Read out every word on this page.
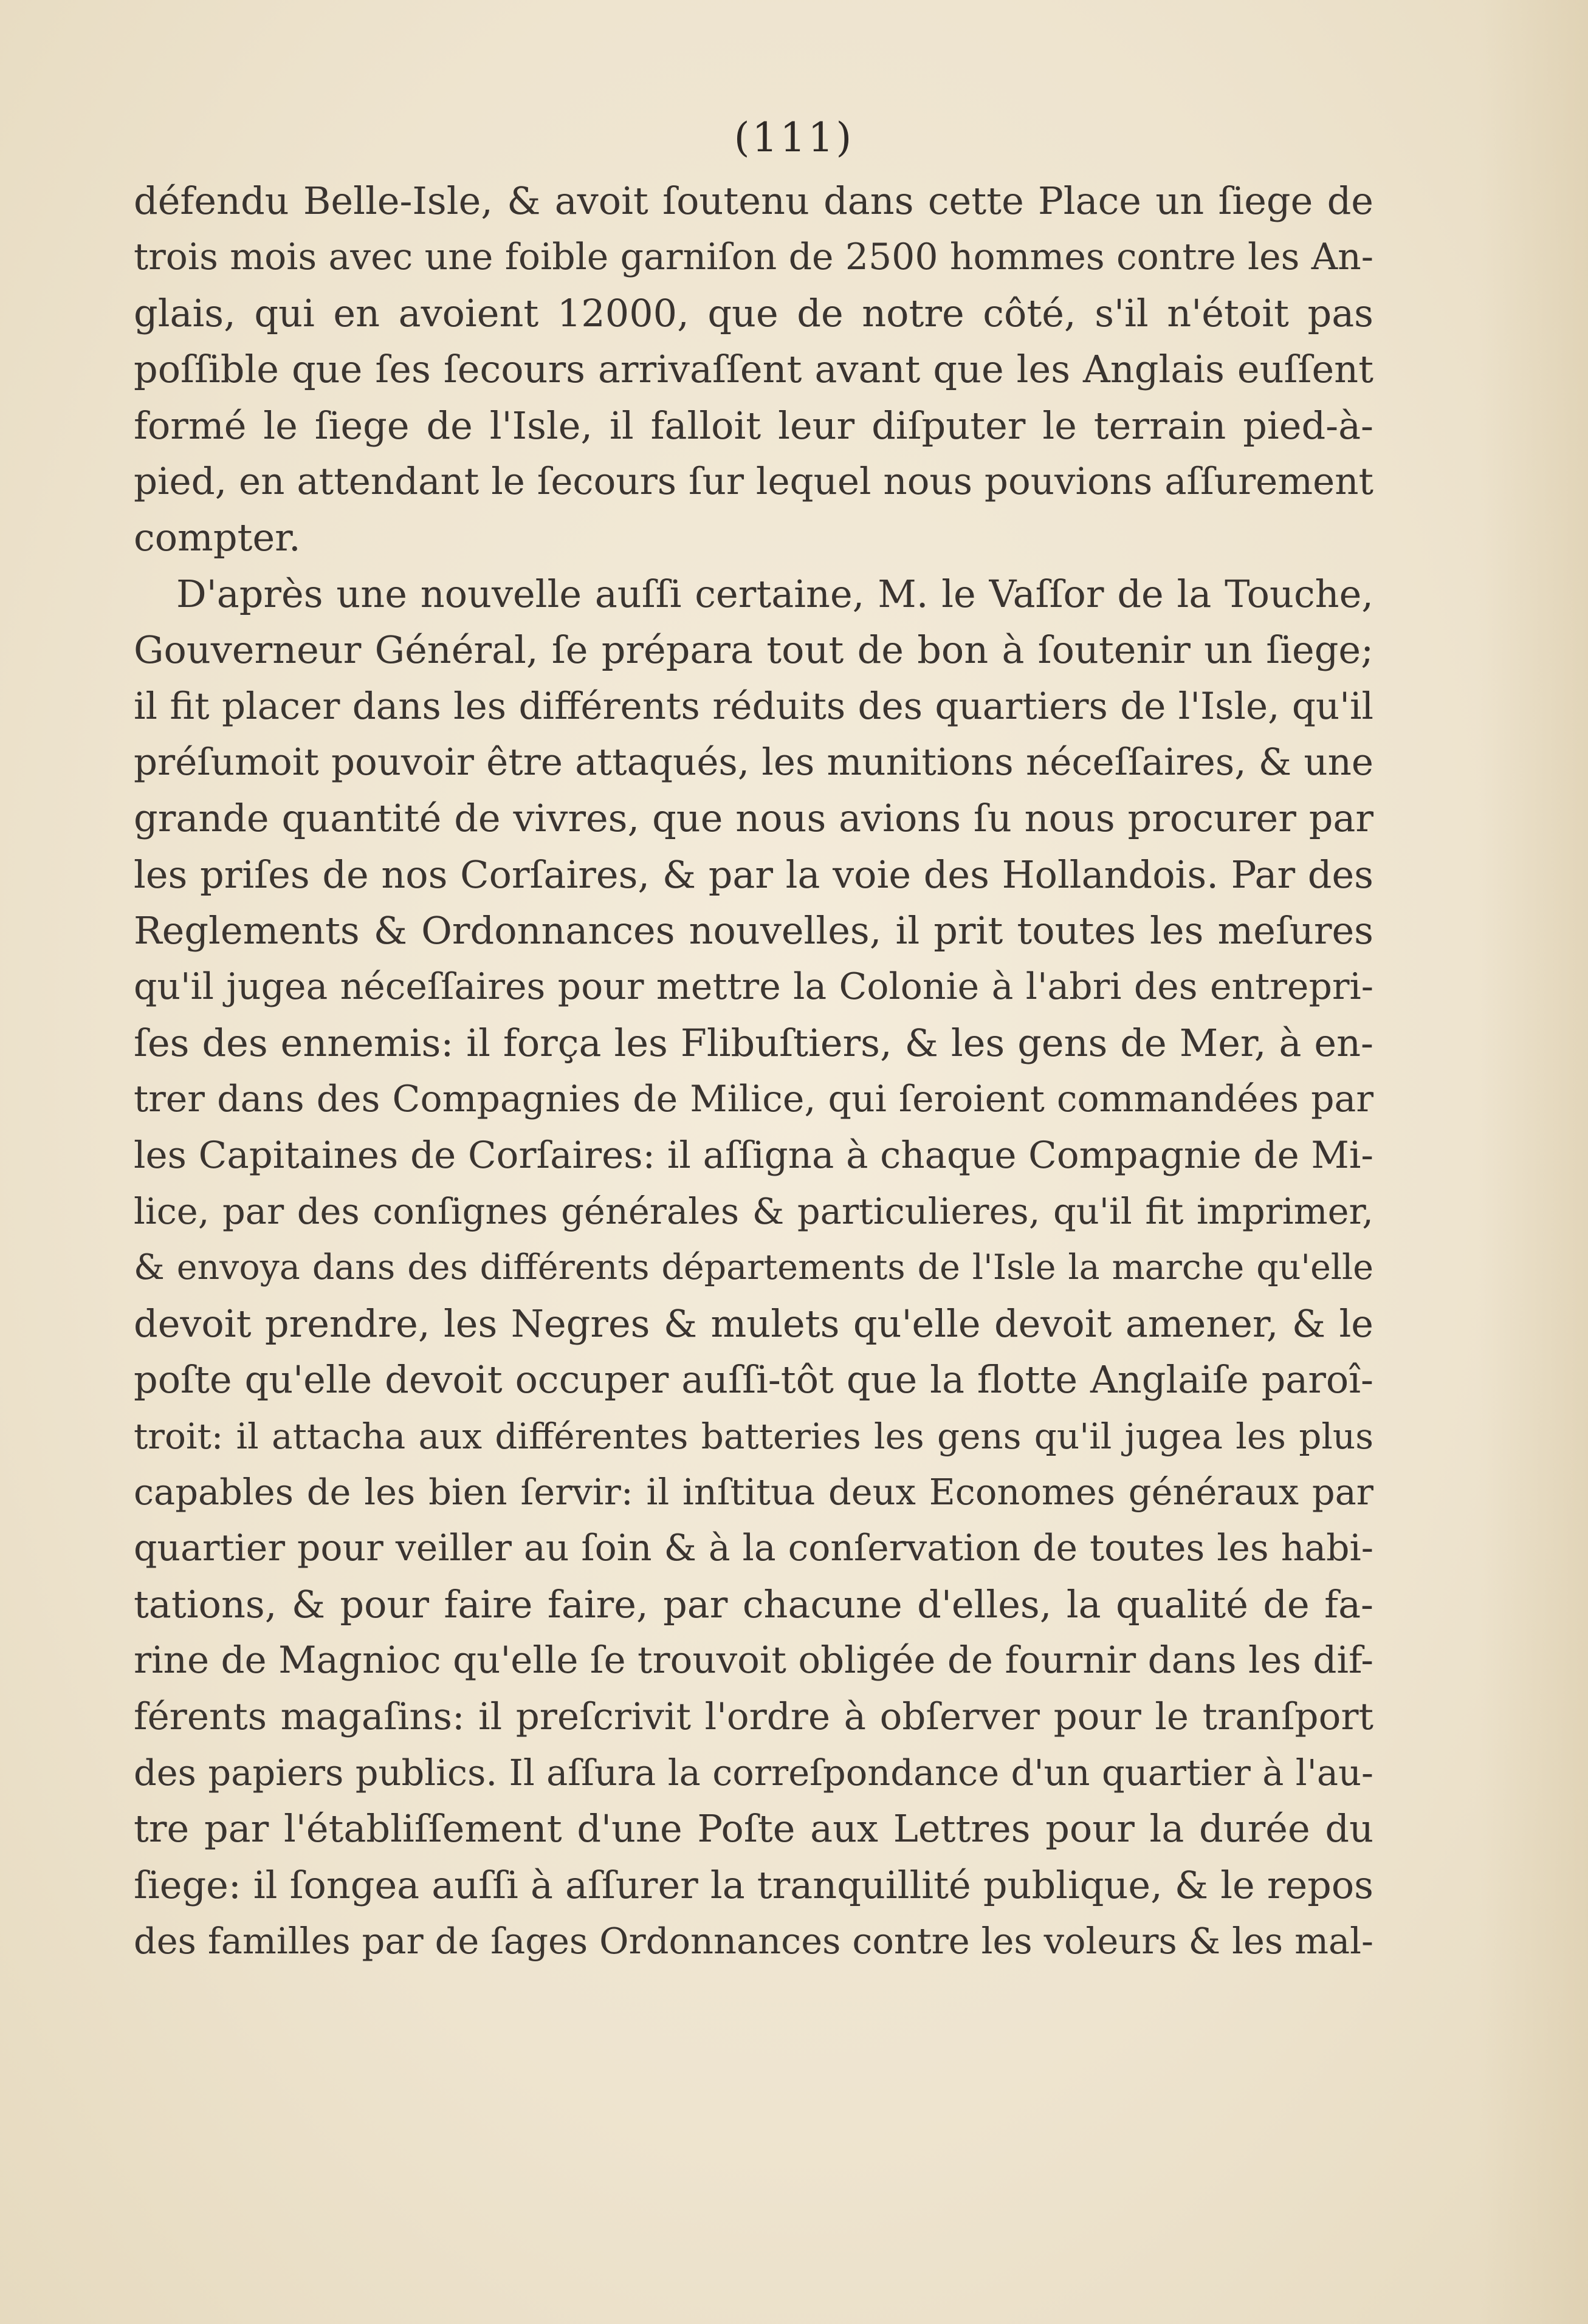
(111)
défendu Belle-Isle, & avoit ſoutenu dans cette Place un ſiege de
trois mois avec une foible garniſon de 2500 hommes contre les An-
glais, qui en avoient 12000, que de notre côté, s'il n'étoit pas
poſſible que ſes ſecours arrivaſſent avant que les Anglais euſſent
formé le ſiege de l'Isle, il falloit leur diſputer le terrain pied-à-
pied, en attendant le ſecours ſur lequel nous pouvions aſſurement
compter.
D'après une nouvelle auſſi certaine, M. le Vaſſor de la Touche,
Gouverneur Général, ſe prépara tout de bon à ſoutenir un ſiege;
il fit placer dans les différents réduits des quartiers de l'Isle, qu'il
préſumoit pouvoir être attaqués, les munitions néceſſaires, & une
grande quantité de vivres, que nous avions ſu nous procurer par
les priſes de nos Corſaires, & par la voie des Hollandois. Par des
Reglements & Ordonnances nouvelles, il prit toutes les meſures
qu'il jugea néceſſaires pour mettre la Colonie à l'abri des entrepri-
ſes des ennemis: il força les Flibuſtiers, & les gens de Mer, à en-
trer dans des Compagnies de Milice, qui ſeroient commandées par
les Capitaines de Corſaires: il aſſigna à chaque Compagnie de Mi-
lice, par des conſignes générales & particulieres, qu'il fit imprimer,
& envoya dans des différents départements de l'Isle la marche qu'elle
devoit prendre, les Negres & mulets qu'elle devoit amener, & le
poſte qu'elle devoit occuper auſſi-tôt que la flotte Anglaiſe paroî-
troit: il attacha aux différentes batteries les gens qu'il jugea les plus
capables de les bien ſervir: il inſtitua deux Economes généraux par
quartier pour veiller au ſoin & à la conſervation de toutes les habi-
tations, & pour faire faire, par chacune d'elles, la qualité de fa-
rine de Magnioc qu'elle ſe trouvoit obligée de fournir dans les dif-
férents magaſins: il preſcrivit l'ordre à obſerver pour le tranſport
des papiers publics. Il aſſura la correſpondance d'un quartier à l'au-
tre par l'établiſſement d'une Poſte aux Lettres pour la durée du
ſiege: il ſongea auſſi à aſſurer la tranquillité publique, & le repos
des familles par de ſages Ordonnances contre les voleurs & les mal-
